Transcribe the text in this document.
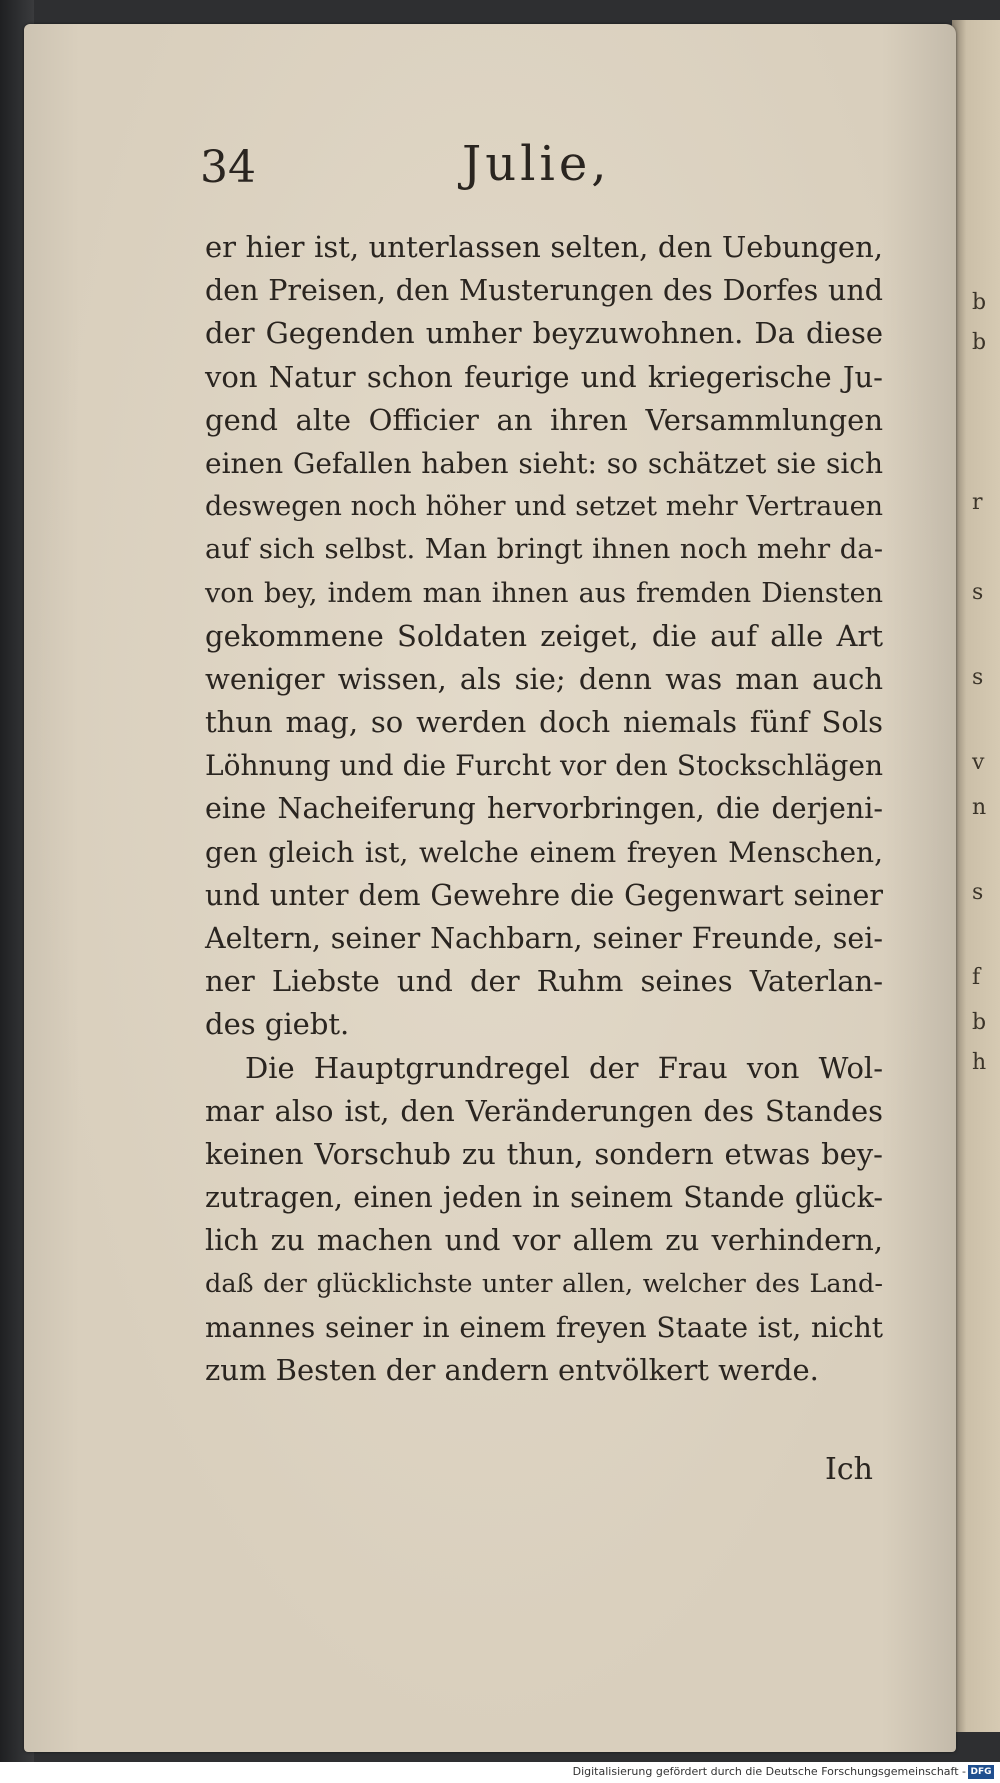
b
b
r
s
s
v
n
s
f
b
h
34	Julie,
er hier ist, unterlassen selten, den Uebungen,
den Preisen, den Musterungen des Dorfes und
der Gegenden umher beyzuwohnen. Da diese
von Natur schon feurige und kriegerische Ju-
gend alte Officier an ihren Versammlungen
einen Gefallen haben sieht: so schätzet sie sich
deswegen noch höher und setzet mehr Vertrauen
auf sich selbst. Man bringt ihnen noch mehr da-
von bey, indem man ihnen aus fremden Diensten
gekommene Soldaten zeiget, die auf alle Art
weniger wissen, als sie; denn was man auch
thun mag, so werden doch niemals fünf Sols
Löhnung und die Furcht vor den Stockschlägen
eine Nacheiferung hervorbringen, die derjeni-
gen gleich ist, welche einem freyen Menschen,
und unter dem Gewehre die Gegenwart seiner
Aeltern, seiner Nachbarn, seiner Freunde, sei-
ner Liebste und der Ruhm seines Vaterlan-
des giebt.
Die Hauptgrundregel der Frau von Wol-
mar also ist, den Veränderungen des Standes
keinen Vorschub zu thun, sondern etwas bey-
zutragen, einen jeden in seinem Stande glück-
lich zu machen und vor allem zu verhindern,
daß der glücklichste unter allen, welcher des Land-
mannes seiner in einem freyen Staate ist, nicht
zum Besten der andern entvölkert werde.
Ich
Digitalisierung gefördert durch die Deutsche Forschungsgemeinschaft - DFG
